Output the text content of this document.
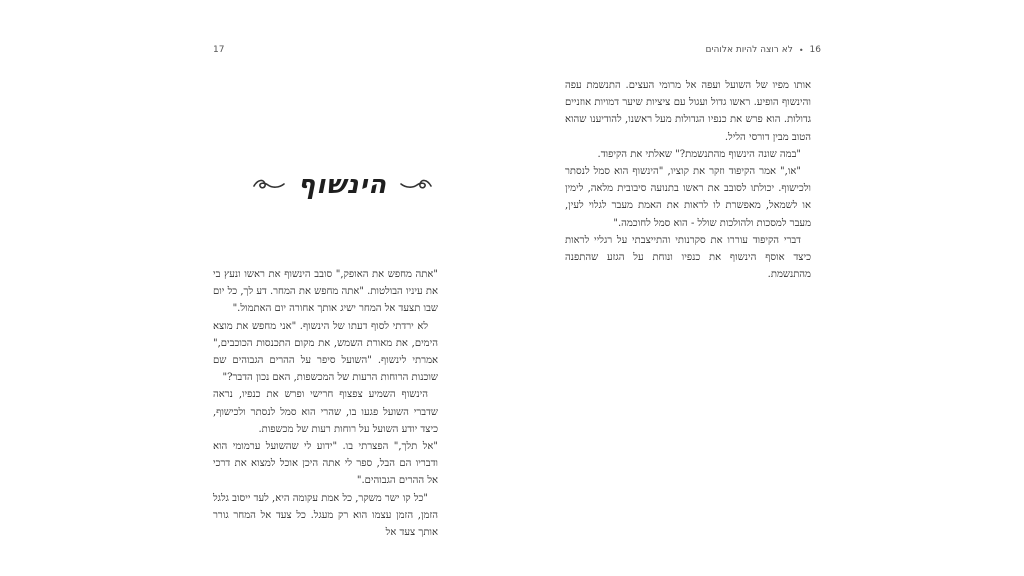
17
הינשוף

"אתה מחפש את האופק," סובב הינשוף את ראשו ונעץ בי את עיניו הבולטות. "אתה מחפש את המחר. דע לך, כל יום שבו תצעד אל המחר ישיג אותך אחורה יום האתמול."

לא ירדתי לסוף דעתו של הינשוף. "אני מחפש את מוצא הימים, את מאורת השמש, את מקום התכנסות הכוכבים," אמרתי לינשוף. "השועל סיפר על ההרים הגבוהים שם שוכנות הרוחות הרעות של המכשפות, האם נכון הדבר?"

הינשוף השמיע צפצוף חרישי ופרש את כנפיו, נראה שדברי השועל פגעו בו, שהרי הוא סמל לנסתר ולכישוף, כיצד יודע השועל על רוחות רעות של מכשפות.

"אל תלך," הפצרתי בו. "ידוע לי שהשועל ערמומי הוא ודבריו הם הבל, ספר לי אתה היכן אוכל למצוא את דרכי אל ההרים הגבוהים."

"כל קו ישר משקר, כל אמת עקומה היא, לעד ייסוב גלגל הזמן, הזמן עצמו הוא רק מעגל. כל צעד אל המחר גורר אותך צעד אל

16
•
לא רוצה להיות אלוהים

אותו מפיו של השועל ועפה אל מרומי העצים. התנשמת עפה והינשוף הופיע. ראשו גדול ועגול עם ציציות שיער דמויות אוזניים גדולות. הוא פרש את כנפיו הגדולות מעל ראשנו, להודיענו שהוא הטוב מבין דורסי הליל.

"במה שונה הינשוף מהתנשמת?" שאלתי את הקיפוד.

"או," אמר הקיפוד וזקר את קוציו, "הינשוף הוא סמל לנסתר ולכישוף. יכולתו לסובב את ראשו בתנועה סיבובית מלאה, לימין או לשמאל, מאפשרת לו לראות את האמת מעבר לגלוי לעין, מעבר למסכות ולהולכות שולל - הוא סמל לחוכמה."

דברי הקיפוד עוררו את סקרנותי והתייצבתי על רגליי לראות כיצד אוסף הינשוף את כנפיו ונוחת על הגזע שהתפנה מהתנשמת.
